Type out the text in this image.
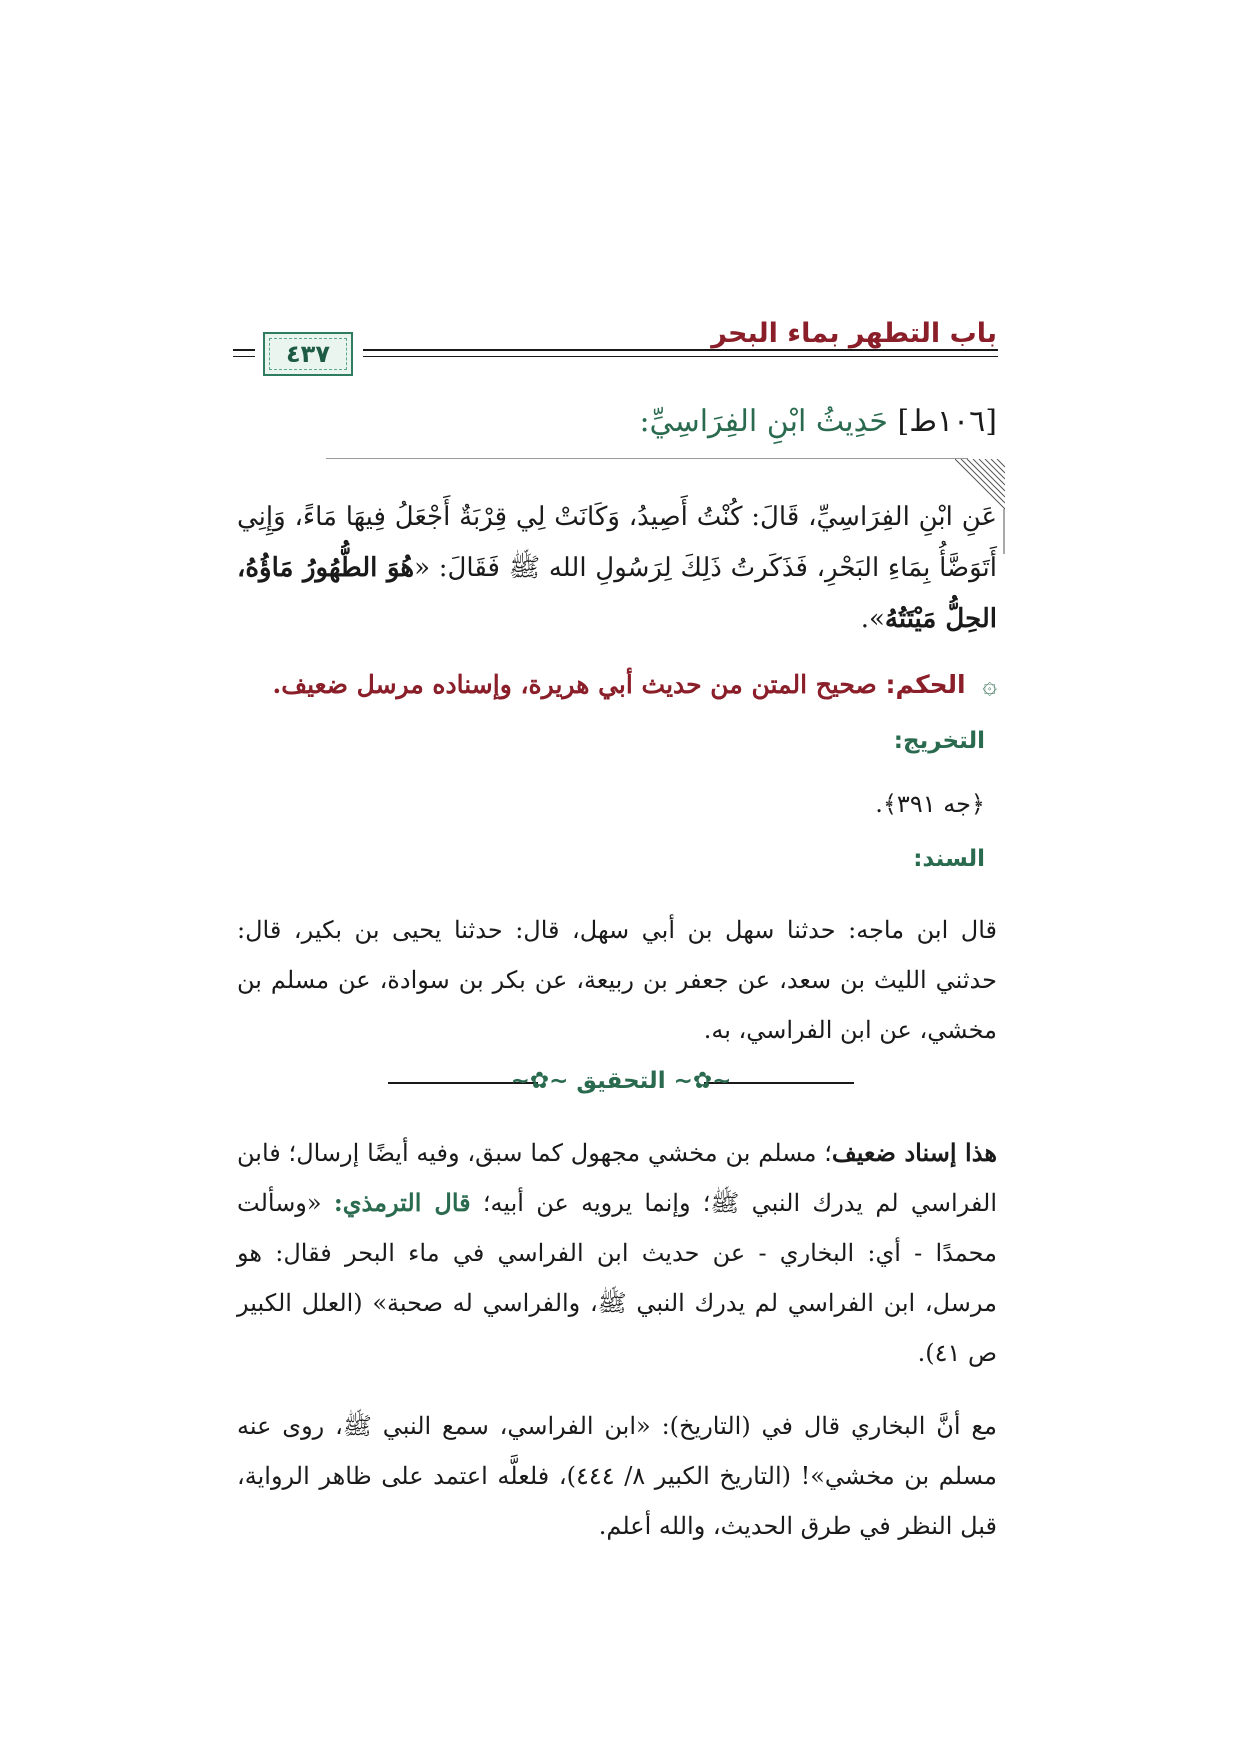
باب التطهر بماء البحر
٤٣٧
[١٠٦ط] حَدِيثُ ابْنِ الفِرَاسِيِّ:
عَنِ ابْنِ الفِرَاسِيِّ، قَالَ: كُنْتُ أَصِيدُ، وَكَانَتْ لِي قِرْبَةٌ أَجْعَلُ فِيهَا مَاءً، وَإِنِي أَتَوَضَّأُ بِمَاءِ البَحْرِ، فَذَكَرتُ ذَلِكَ لِرَسُولِ الله ﷺ فَقَالَ: «هُوَ الطُّهُورُ مَاؤُهُ، الحِلُّ مَيْتَتُهُ».
۞ الحكم: صحيح المتن من حديث أبي هريرة، وإسناده مرسل ضعيف.
التخريج:
﴿جه ٣٩١﴾.
السند:
قال ابن ماجه: حدثنا سهل بن أبي سهل، قال: حدثنا يحيى بن بكير، قال: حدثني الليث بن سعد، عن جعفر بن ربيعة، عن بكر بن سوادة، عن مسلم بن مخشي، عن ابن الفراسي، به.
~✿~ التحقيق ~✿~
هذا إسناد ضعيف؛ مسلم بن مخشي مجهول كما سبق، وفيه أيضًا إرسال؛ فابن الفراسي لم يدرك النبي ﷺ؛ وإنما يرويه عن أبيه؛ قال الترمذي: «وسألت محمدًا - أي: البخاري - عن حديث ابن الفراسي في ماء البحر فقال: هو مرسل، ابن الفراسي لم يدرك النبي ﷺ، والفراسي له صحبة» (العلل الكبير ص ٤١).
مع أنَّ البخاري قال في (التاريخ): «ابن الفراسي، سمع النبي ﷺ، روى عنه مسلم بن مخشي»! (التاريخ الكبير ٨/ ٤٤٤)، فلعلَّه اعتمد على ظاهر الرواية، قبل النظر في طرق الحديث، والله أعلم.
